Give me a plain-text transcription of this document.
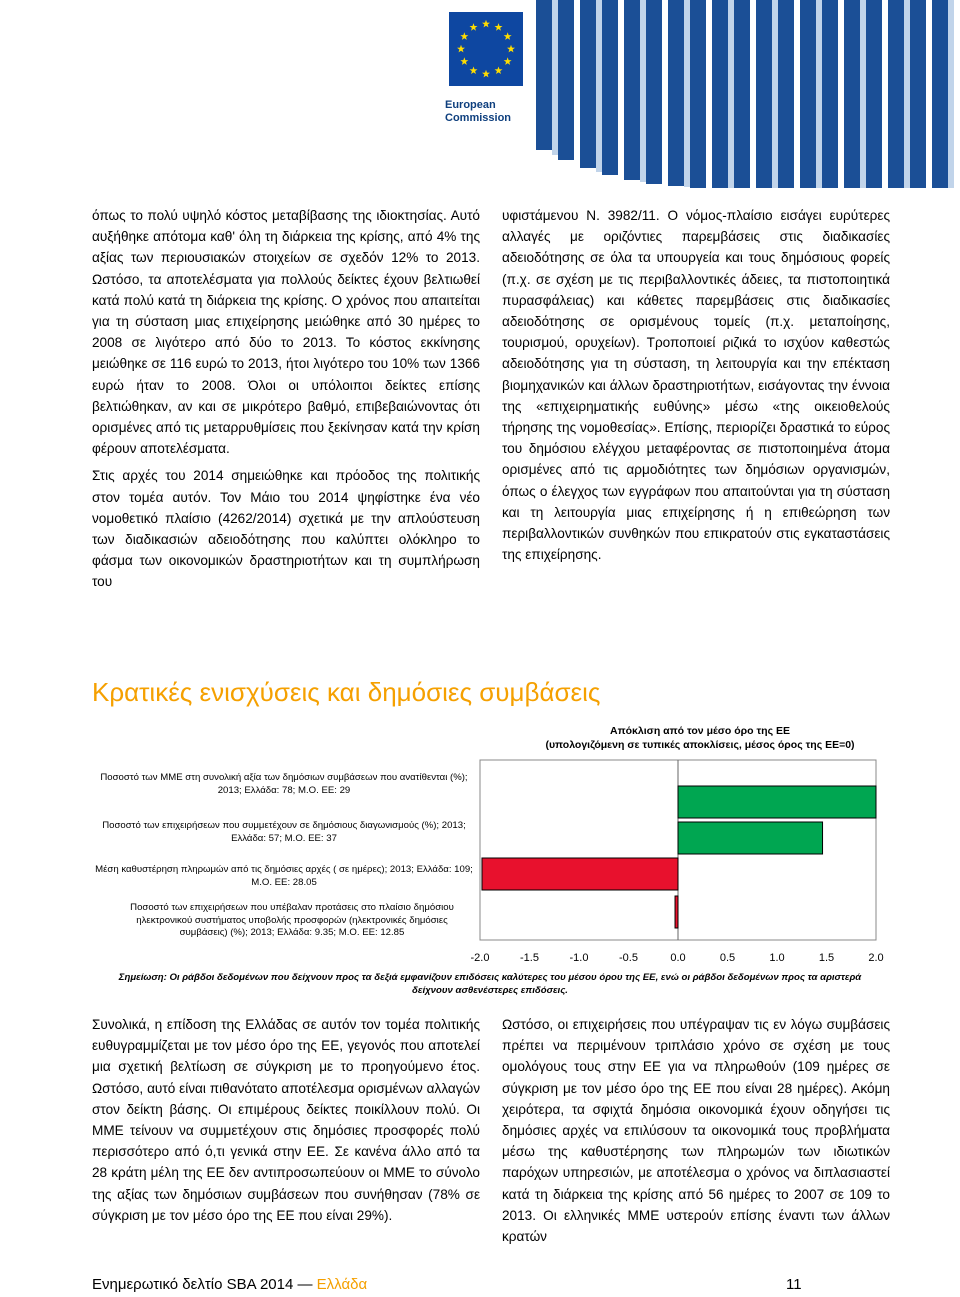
European
Commission

όπως το πολύ υψηλό κόστος μεταβίβασης της ιδιοκτησίας. Αυτό αυξήθηκε απότομα καθ' όλη τη διάρκεια της κρίσης, από 4% της αξίας των περιουσιακών στοιχείων σε σχεδόν 12% το 2013. Ωστόσο, τα αποτελέσματα για πολλούς δείκτες έχουν βελτιωθεί κατά πολύ κατά τη διάρκεια της κρίσης. Ο χρόνος που απαιτείται για τη σύσταση μιας επιχείρησης μειώθηκε από 30 ημέρες το 2008 σε λιγότερο από δύο το 2013. Το κόστος εκκίνησης μειώθηκε σε 116 ευρώ το 2013, ήτοι λιγότερο του 10% των 1366 ευρώ ήταν το 2008. Όλοι οι υπόλοιποι δείκτες επίσης βελτιώθηκαν, αν και σε μικρότερο βαθμό, επιβεβαιώνοντας ότι ορισμένες από τις μεταρρυθμίσεις που ξεκίνησαν κατά την κρίση φέρουν αποτελέσματα.

Στις αρχές του 2014 σημειώθηκε και πρόοδος της πολιτικής στον τομέα αυτόν. Τον Μάιο του 2014 ψηφίστηκε ένα νέο νομοθετικό πλαίσιο (4262/2014) σχετικά με την απλούστευση των διαδικασιών αδειοδότησης που καλύπτει ολόκληρο το φάσμα των οικονομικών δραστηριοτήτων και τη συμπλήρωση του

υφιστάμενου Ν. 3982/11. Ο νόμος-πλαίσιο εισάγει ευρύτερες αλλαγές με οριζόντιες παρεμβάσεις στις διαδικασίες αδειοδότησης σε όλα τα υπουργεία και τους δημόσιους φορείς (π.χ. σε σχέση με τις περιβαλλοντικές άδειες, τα πιστοποιητικά πυρασφάλειας) και κάθετες παρεμβάσεις στις διαδικασίες αδειοδότησης σε ορισμένους τομείς (π.χ. μεταποίησης, τουρισμού, ορυχείων). Τροποποιεί ριζικά το ισχύον καθεστώς αδειοδότησης για τη σύσταση, τη λειτουργία και την επέκταση βιομηχανικών και άλλων δραστηριοτήτων, εισάγοντας την έννοια της «επιχειρηματικής ευθύνης» μέσω «της οικειοθελούς τήρησης της νομοθεσίας». Επίσης, περιορίζει δραστικά το εύρος του δημόσιου ελέγχου μεταφέροντας σε πιστοποιημένα άτομα ορισμένες από τις αρμοδιότητες των δημόσιων οργανισμών, όπως ο έλεγχος των εγγράφων που απαιτούνται για τη σύσταση και τη λειτουργία μιας επιχείρησης ή η επιθεώρηση των περιβαλλοντικών συνθηκών που επικρατούν στις εγκαταστάσεις της επιχείρησης.

Κρατικές ενισχύσεις και δημόσιες συμβάσεις
Απόκλιση από τον μέσο όρο της ΕΕ
(υπολογιζόμενη σε τυπικές αποκλίσεις, μέσος όρος της ΕΕ=0)
-2.0	-1.5	-1.0	-0.5	0.0	0.5	1.0	1.5	2.0
Ποσοστό των ΜΜΕ στη συνολική αξία των δημόσιων συμβάσεων που ανατίθενται (%); 2013; Ελλάδα: 78; Μ.Ο. ΕΕ: 29
Ποσοστό των επιχειρήσεων που συμμετέχουν σε δημόσιους διαγωνισμούς (%); 2013; Ελλάδα: 57; Μ.Ο. ΕΕ: 37
Μέση καθυστέρηση πληρωμών από τις δημόσιες αρχές ( σε ημέρες); 2013; Ελλάδα: 109; Μ.Ο. ΕΕ: 28.05
Ποσοστό των επιχειρήσεων που υπέβαλαν προτάσεις στο πλαίσιο δημόσιου ηλεκτρονικού συστήματος υποβολής προσφορών (ηλεκτρονικές δημόσιες συμβάσεις) (%); 2013; Ελλάδα: 9.35; Μ.Ο. ΕΕ: 12.85
Σημείωση: Οι ράβδοι δεδομένων που δείχνουν προς τα δεξιά εμφανίζουν επιδόσεις καλύτερες του μέσου όρου της ΕΕ, ενώ οι ράβδοι δεδομένων προς τα αριστερά δείχνουν ασθενέστερες επιδόσεις.

Συνολικά, η επίδοση της Ελλάδας σε αυτόν τον τομέα πολιτικής ευθυγραμμίζεται με τον μέσο όρο της ΕΕ, γεγονός που αποτελεί μια σχετική βελτίωση σε σύγκριση με το προηγούμενο έτος. Ωστόσο, αυτό είναι πιθανότατο αποτέλεσμα ορισμένων αλλαγών στον δείκτη βάσης. Οι επιμέρους δείκτες ποικίλλουν πολύ. Οι ΜΜΕ τείνουν να συμμετέχουν στις δημόσιες προσφορές πολύ περισσότερο από ό,τι γενικά στην ΕΕ. Σε κανένα άλλο από τα 28 κράτη μέλη της ΕΕ δεν αντιπροσωπεύουν οι ΜΜΕ το σύνολο της αξίας των δημόσιων συμβάσεων που συνήθησαν (78% σε σύγκριση με τον μέσο όρο της ΕΕ που είναι 29%).

Ωστόσο, οι επιχειρήσεις που υπέγραψαν τις εν λόγω συμβάσεις πρέπει να περιμένουν τριπλάσιο χρόνο σε σχέση με τους ομολόγους τους στην ΕΕ για να πληρωθούν (109 ημέρες σε σύγκριση με τον μέσο όρο της ΕΕ που είναι 28 ημέρες). Ακόμη χειρότερα, τα σφιχτά δημόσια οικονομικά έχουν οδηγήσει τις δημόσιες αρχές να επιλύσουν τα οικονομικά τους προβλήματα μέσω της καθυστέρησης των πληρωμών των ιδιωτικών παρόχων υπηρεσιών, με αποτέλεσμα ο χρόνος να διπλασιαστεί κατά τη διάρκεια της κρίσης από 56 ημέρες το 2007 σε 109 το 2013. Οι ελληνικές ΜΜΕ υστερούν επίσης έναντι των άλλων κρατών

Ενημερωτικό δελτίο SBA 2014 — Ελλάδα	11
